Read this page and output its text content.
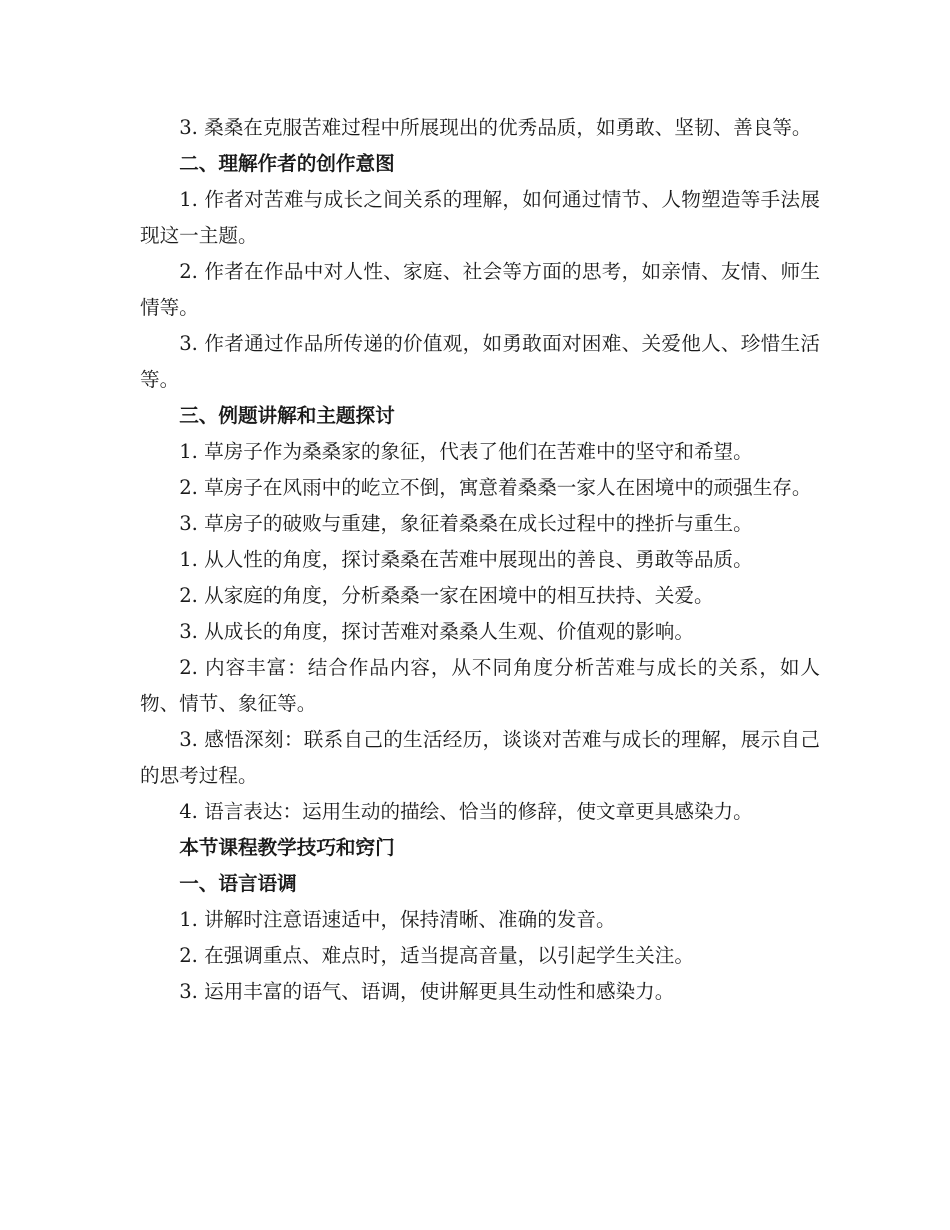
3. 桑桑在克服苦难过程中所展现出的优秀品质，如勇敢、坚韧、善良等。

二、理解作者的创作意图

1. 作者对苦难与成长之间关系的理解，如何通过情节、人物塑造等手法展现这一主题。

2. 作者在作品中对人性、家庭、社会等方面的思考，如亲情、友情、师生情等。

3. 作者通过作品所传递的价值观，如勇敢面对困难、关爱他人、珍惜生活等。

三、例题讲解和主题探讨

1. 草房子作为桑桑家的象征，代表了他们在苦难中的坚守和希望。

2. 草房子在风雨中的屹立不倒，寓意着桑桑一家人在困境中的顽强生存。

3. 草房子的破败与重建，象征着桑桑在成长过程中的挫折与重生。

1. 从人性的角度，探讨桑桑在苦难中展现出的善良、勇敢等品质。

2. 从家庭的角度，分析桑桑一家在困境中的相互扶持、关爱。

3. 从成长的角度，探讨苦难对桑桑人生观、价值观的影响。

2. 内容丰富：结合作品内容，从不同角度分析苦难与成长的关系，如人物、情节、象征等。

3. 感悟深刻：联系自己的生活经历，谈谈对苦难与成长的理解，展示自己的思考过程。

4. 语言表达：运用生动的描绘、恰当的修辞，使文章更具感染力。

本节课程教学技巧和窍门

一、语言语调

1. 讲解时注意语速适中，保持清晰、准确的发音。

2. 在强调重点、难点时，适当提高音量，以引起学生关注。

3. 运用丰富的语气、语调，使讲解更具生动性和感染力。
